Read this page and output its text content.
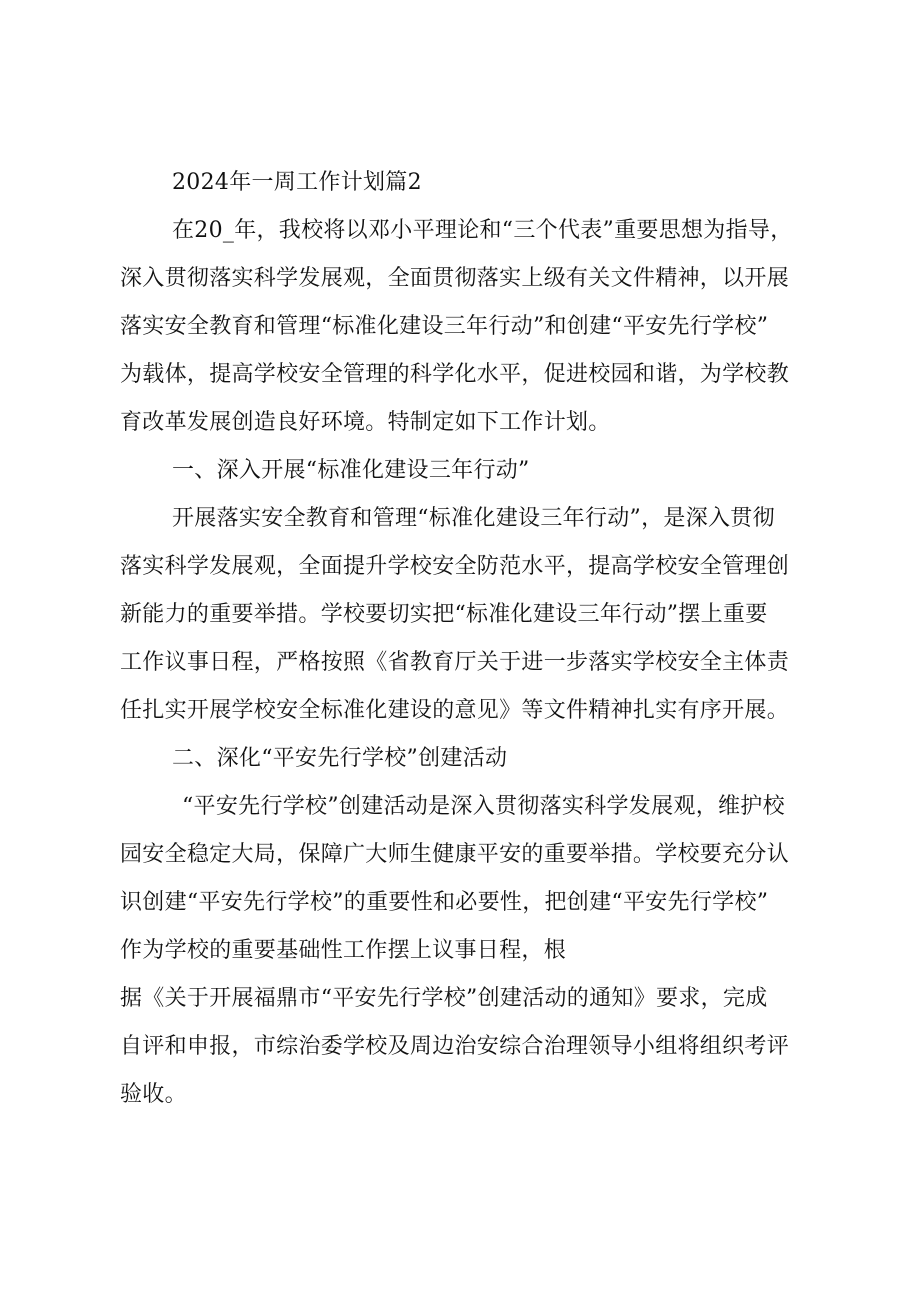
2024年一周工作计划篇2
在20_年，我校将以邓小平理论和“三个代表”重要思想为指导，
深入贯彻落实科学发展观，全面贯彻落实上级有关文件精神，以开展
落实安全教育和管理“标准化建设三年行动”和创建“平安先行学校”
为载体，提高学校安全管理的科学化水平，促进校园和谐，为学校教
育改革发展创造良好环境。特制定如下工作计划。
一、深入开展“标准化建设三年行动”
开展落实安全教育和管理“标准化建设三年行动”，是深入贯彻
落实科学发展观，全面提升学校安全防范水平，提高学校安全管理创
新能力的重要举措。学校要切实把“标准化建设三年行动”摆上重要
工作议事日程，严格按照《省教育厅关于进一步落实学校安全主体责
任扎实开展学校安全标准化建设的意见》等文件精神扎实有序开展。
二、深化“平安先行学校”创建活动
“平安先行学校”创建活动是深入贯彻落实科学发展观，维护校
园安全稳定大局，保障广大师生健康平安的重要举措。学校要充分认
识创建“平安先行学校”的重要性和必要性，把创建“平安先行学校”
作为学校的重要基础性工作摆上议事日程，根
据《关于开展福鼎市“平安先行学校”创建活动的通知》要求，完成
自评和申报，市综治委学校及周边治安综合治理领导小组将组织考评
验收。
